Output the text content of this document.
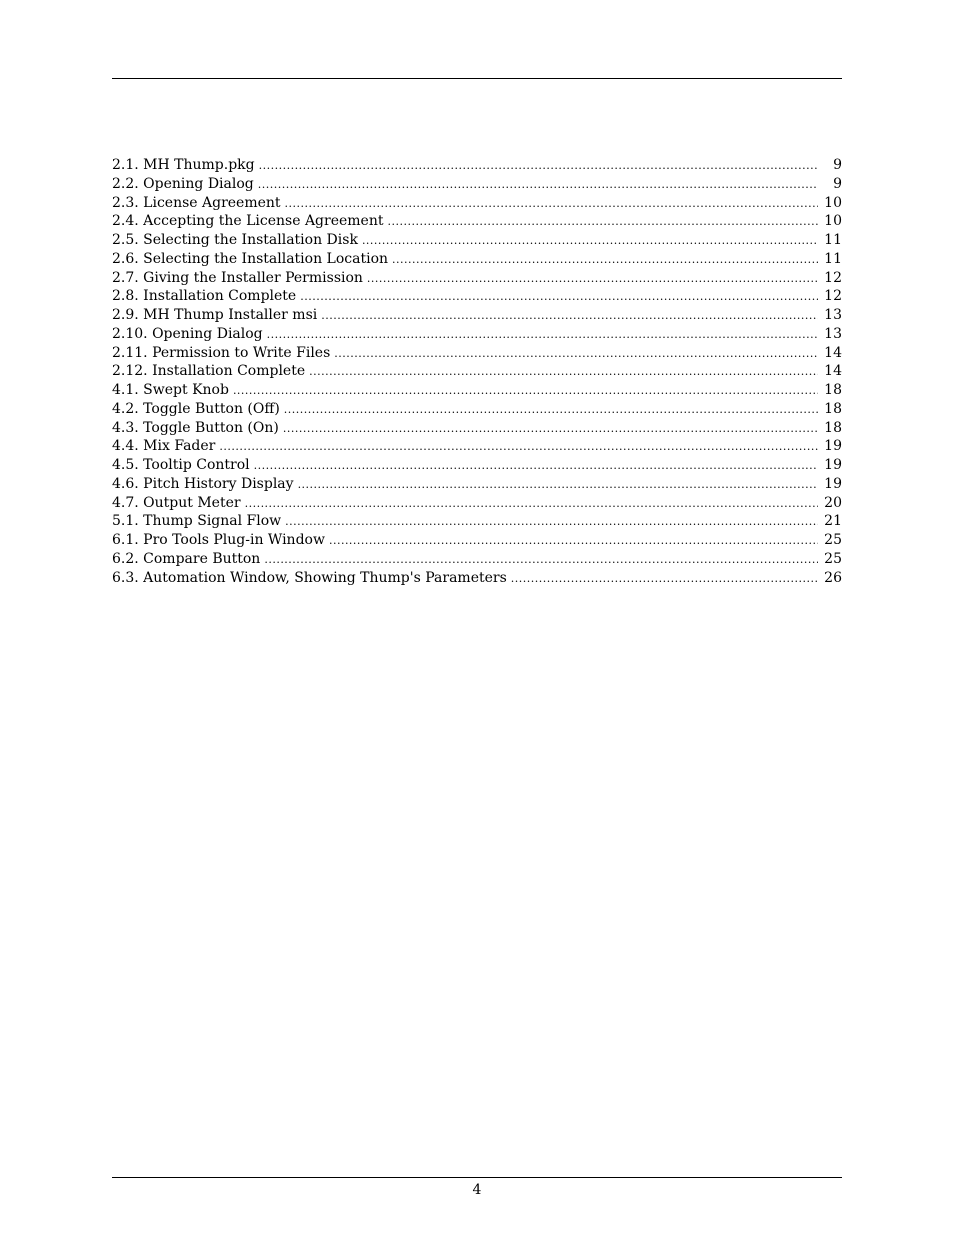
2.1. MH Thump.pkg .....	9
2.2. Opening Dialog .....	9
2.3. License Agreement .....	10
2.4. Accepting the License Agreement .....	10
2.5. Selecting the Installation Disk .....	11
2.6. Selecting the Installation Location .....	11
2.7. Giving the Installer Permission .....	12
2.8. Installation Complete .....	12
2.9. MH Thump Installer msi .....	13
2.10. Opening Dialog .....	13
2.11. Permission to Write Files .....	14
2.12. Installation Complete .....	14
4.1. Swept Knob .....	18
4.2. Toggle Button (Off) .....	18
4.3. Toggle Button (On) .....	18
4.4. Mix Fader .....	19
4.5. Tooltip Control .....	19
4.6. Pitch History Display .....	19
4.7. Output Meter .....	20
5.1. Thump Signal Flow .....	21
6.1. Pro Tools Plug-in Window .....	25
6.2. Compare Button .....	25
6.3. Automation Window, Showing Thump's Parameters .....	26
4
